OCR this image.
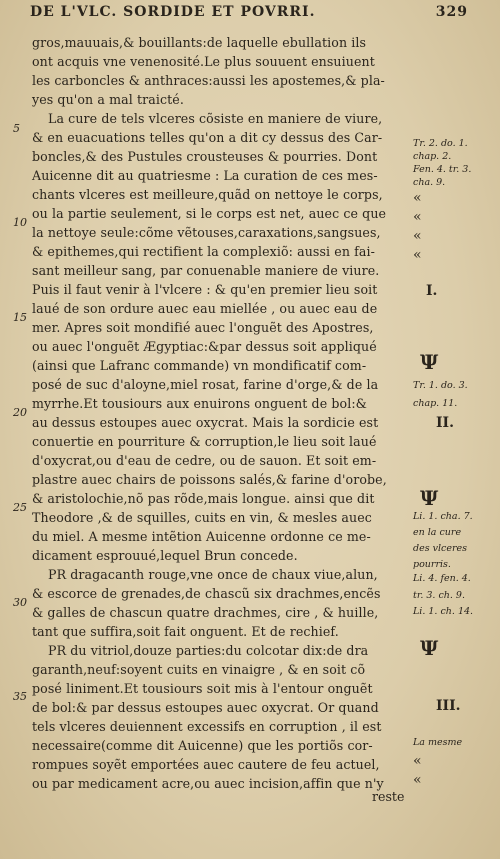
DE L'VLC. SORDIDE ET POVRRI.	329
gros,mauuais,& bouillants:de laquelle ebullation ils
ont acquis vne venenosité.Le plus souuent ensuiuent
les carboncles & anthraces:aussi les apostemes,& pla-
yes qu'on a mal traicté.
La cure de tels vlceres cõsiste en maniere de viure,
& en euacuations telles qu'on a dit cy dessus des Car-
boncles,& des Pustules crousteuses & pourries. Dont
Auicenne dit au quatriesme : La curation de ces mes-
chants vlceres est meilleure,quãd on nettoye le corps,
ou la partie seulement, si le corps est net, auec ce que
la nettoye seule:cõme vẽtouses,caraxations,sangsues,
& epithemes,qui rectifient la complexiõ: aussi en fai-
sant meilleur sang, par conuenable maniere de viure.
Puis il faut venir à l'vlcere : & qu'en premier lieu soit
laué de son ordure auec eau miellée , ou auec eau de
mer. Apres soit mondifié auec l'onguẽt des Apostres,
ou auec l'onguẽt Ægyptiac:&par dessus soit appliqué
(ainsi que Lafranc commande) vn mondificatif com-
posé de suc d'aloyne,miel rosat, farine d'orge,& de la
myrrhe.Et tousiours aux enuirons onguent de bol:&
au dessus estoupes auec oxycrat. Mais la sordicie est
conuertie en pourriture & corruption,le lieu soit laué
d'oxycrat,ou d'eau de cedre, ou de sauon. Et soit em-
plastre auec chairs de poissons salés,& farine d'orobe,
& aristolochie,nõ pas rõde,mais longue. ainsi que dit
Theodore ,& de squilles, cuits en vin, & mesles auec
du miel. A mesme intẽtion Auicenne ordonne ce me-
dicament esprouué,lequel Brun concede.
PR dragacanth rouge,vne once de chaux viue,alun,
& escorce de grenades,de chascũ six drachmes,encẽs
& galles de chascun quatre drachmes, cire , & huille,
tant que suffira,soit fait onguent. Et de rechief.
PR du vitriol,douze parties:du colcotar dix:de dra
garanth,neuf:soyent cuits en vinaigre , & en soit cõ
posé liniment.Et tousiours soit mis à l'entour onguẽt
de bol:& par dessus estoupes auec oxycrat. Or quand
tels vlceres deuiennent excessifs en corruption , il est
necessaire(comme dit Auicenne) que les portiõs cor-
rompues soyẽt emportées auec cautere de feu actuel,
ou par medicament acre,ou auec incision,affin que n'y
reste
5
10
15
20
25
30
35
Tr. 2. do. 1.
chap. 2.
Fen. 4. tr. 3.
cha. 9.
Tr. 1. do. 3.
chap. 11.
Li. 1. cha. 7.
en la cure
des vlceres
pourris.
Li. 4. fen. 4.
tr. 3. ch. 9.
Li. 1. ch. 14.
La mesme
«
«
«
«
«
«
I.
II.
III.
Ψ
Ψ
Ψ
